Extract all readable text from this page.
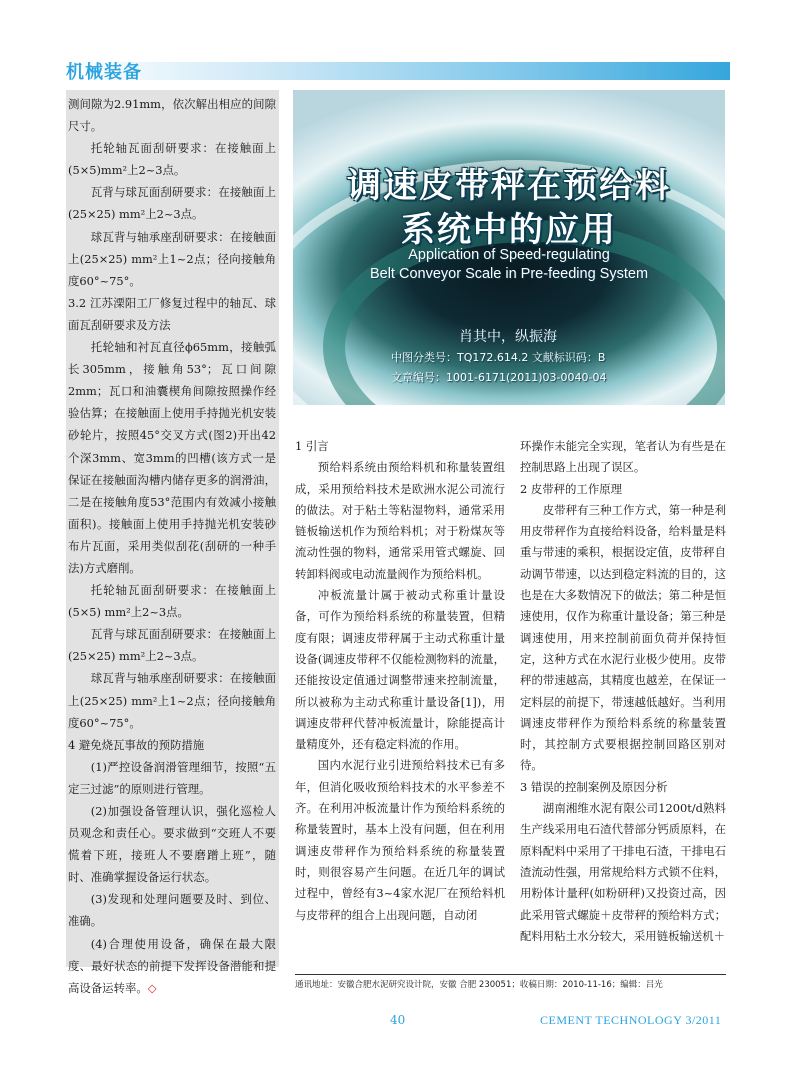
机械装备

测间隙为2.91mm，依次解出相应的间隙尺寸。

托轮轴瓦面刮研要求：在接触面上(5×5)mm²上2~3点。

瓦背与球瓦面刮研要求：在接触面上(25×25) mm²上2~3点。

球瓦背与轴承座刮研要求：在接触面上(25×25) mm²上1~2点；径向接触角度60°~75°。

3.2 江苏溧阳工厂修复过程中的轴瓦、球面瓦刮研要求及方法

托轮轴和衬瓦直径ϕ65mm，接触弧长305mm，接触角53°；瓦口间隙2mm；瓦口和油囊楔角间隙按照操作经验估算；在接触面上使用手持抛光机安装砂轮片，按照45°交叉方式(图2)开出42个深3mm、宽3mm的凹槽(该方式一是保证在接触面沟槽内储存更多的润滑油，二是在接触角度53°范围内有效减小接触面积)。接触面上使用手持抛光机安装砂布片瓦面，采用类似刮花(刮研的一种手法)方式磨削。

托轮轴瓦面刮研要求：在接触面上(5×5) mm²上2~3点。

瓦背与球瓦面刮研要求：在接触面上(25×25) mm²上2~3点。

球瓦背与轴承座刮研要求：在接触面上(25×25) mm²上1~2点；径向接触角度60°~75°。

4 避免烧瓦事故的预防措施

(1)严控设备润滑管理细节，按照“五定三过滤”的原则进行管理。

(2)加强设备管理认识，强化巡检人员观念和责任心。要求做到“交班人不要慌着下班，接班人不要磨蹭上班”，随时、准确掌握设备运行状态。

(3)发现和处理问题要及时、到位、准确。

(4)合理使用设备，确保在最大限度、最好状态的前提下发挥设备潜能和提高设备运转率。◇

调速皮带秤在预给料
系统中的应用
Application of Speed-regulating
Belt Conveyor Scale in Pre-feeding System
肖其中，纵振海
中图分类号：TQ172.614.2 文献标识码：B
文章编号：1001-6171(2011)03-0040-04

1 引言

预给料系统由预给料机和称量装置组成，采用预给料技术是欧洲水泥公司流行的做法。对于粘土等粘湿物料，通常采用链板输送机作为预给料机；对于粉煤灰等流动性强的物料，通常采用管式螺旋、回转卸料阀或电动流量阀作为预给料机。

冲板流量计属于被动式称重计量设备，可作为预给料系统的称量装置，但精度有限；调速皮带秤属于主动式称重计量设备(调速皮带秤不仅能检测物料的流量，还能按设定值通过调整带速来控制流量，所以被称为主动式称重计量设备[1])，用调速皮带秤代替冲板流量计，除能提高计量精度外，还有稳定料流的作用。

国内水泥行业引进预给料技术已有多年，但消化吸收预给料技术的水平参差不齐。在利用冲板流量计作为预给料系统的称量装置时，基本上没有问题，但在利用调速皮带秤作为预给料系统的称量装置时，则很容易产生问题。在近几年的调试过程中，曾经有3~4家水泥厂在预给料机与皮带秤的组合上出现问题，自动闭

环操作未能完全实现，笔者认为有些是在控制思路上出现了误区。

2 皮带秤的工作原理

皮带秤有三种工作方式，第一种是利用皮带秤作为直接给料设备，给料量是料重与带速的乘积，根据设定值，皮带秤自动调节带速，以达到稳定料流的目的，这也是在大多数情况下的做法；第二种是恒速使用，仅作为称重计量设备；第三种是调速使用，用来控制前面负荷并保持恒定，这种方式在水泥行业极少使用。皮带秤的带速越高，其精度也越差，在保证一定料层的前提下，带速越低越好。当利用调速皮带秤作为预给料系统的称量装置时，其控制方式要根据控制回路区别对待。

3 错误的控制案例及原因分析

湖南湘维水泥有限公司1200t/d熟料生产线采用电石渣代替部分钙质原料，在原料配料中采用了干排电石渣，干排电石渣流动性强，用常规给料方式锁不住料，用粉体计量秤(如粉研秤)又投资过高，因此采用管式螺旋＋皮带秤的预给料方式；配料用粘土水分较大，采用链板输送机＋

通讯地址：安徽合肥水泥研究设计院，安徽 合肥 230051；收稿日期：2010-11-16；编辑：吕光
40	CEMENT TECHNOLOGY 3/2011
